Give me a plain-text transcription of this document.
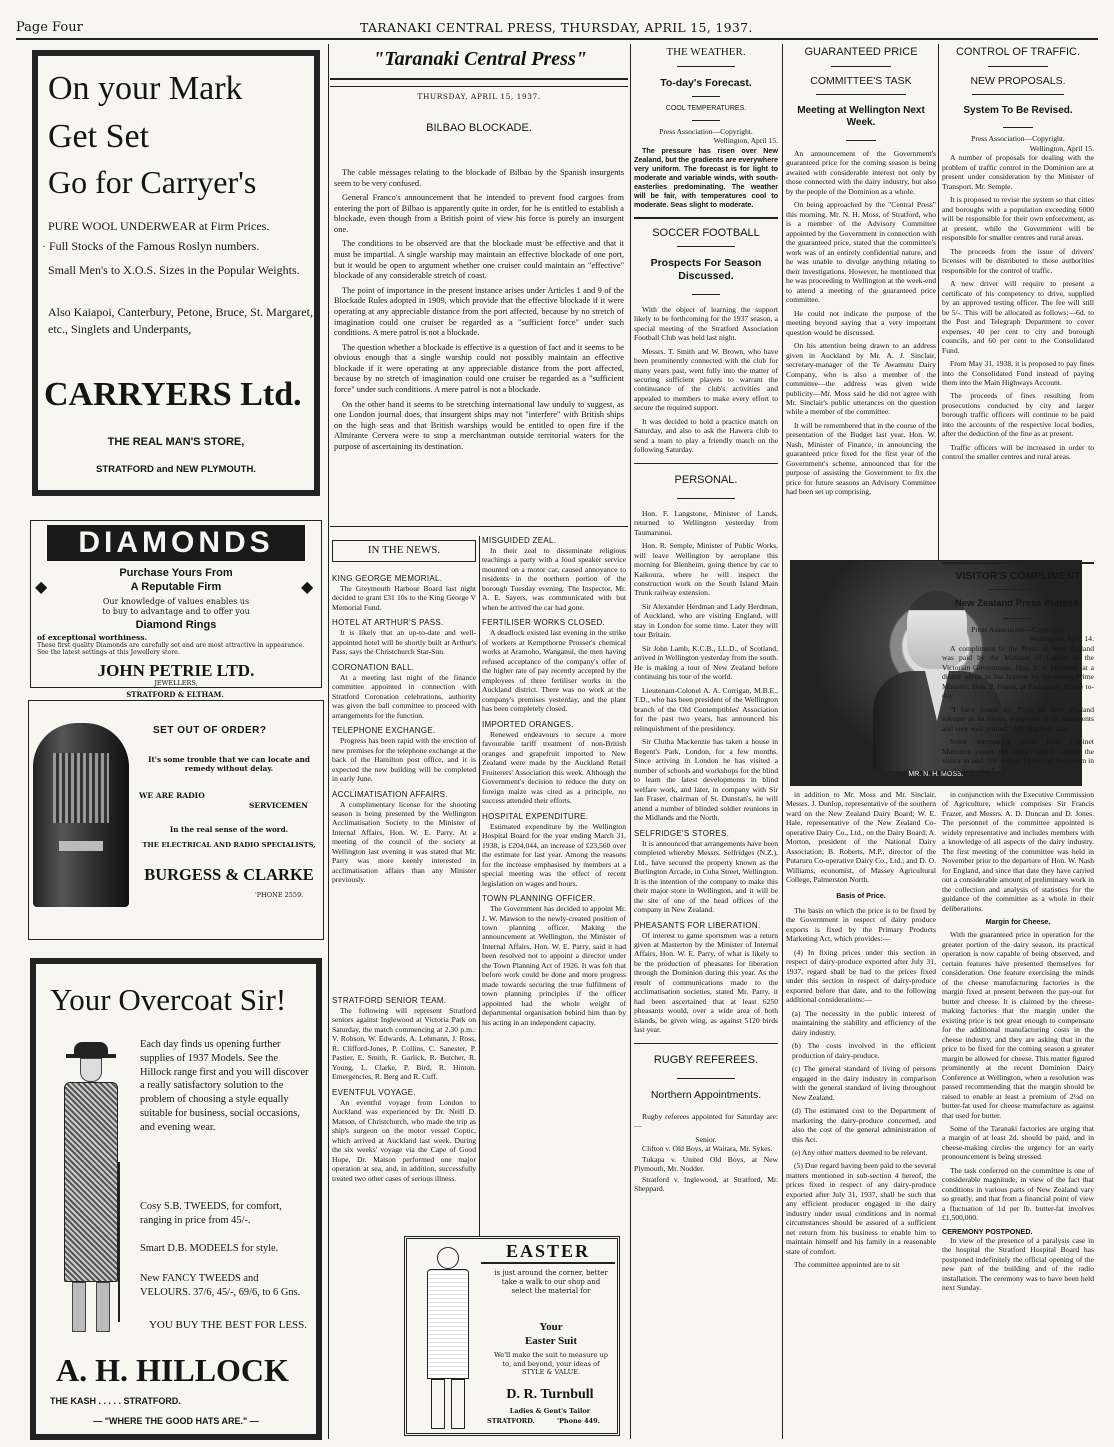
Page Four	TARANAKI CENTRAL PRESS, THURSDAY, APRIL 15, 1937.
On your Mark
Get Set
Go for Carryer's
PURE WOOL UNDERWEAR at Firm Prices.
· Full Stocks of the Famous Roslyn numbers.
Small Men's to X.O.S. Sizes in the Popular Weights.
Also Kaiapoi, Canterbury, Petone, Bruce, St. Margaret, etc., Singlets and Underpants,
CARRYERS Ltd.
THE REAL MAN'S STORE,
STRATFORD and NEW PLYMOUTH.
DIAMONDS
◆	◆
Purchase Yours From
A Reputable Firm
Our knowledge of values enables us
to buy to advantage and to offer you
Diamond Rings
of exceptional worthiness.
These first quality Diamonds are carefully set and are most attractive in appearance. See the latest settings at this Jewellery store.
JOHN PETRIE LTD.
JEWELLERS,
STRATFORD & ELTHAM.
SET OUT OF ORDER?
It's some trouble that we can locate and remedy without delay.
WE ARE RADIO
SERVICEMEN
In the real sense of the word.
THE ELECTRICAL AND RADIO SPECIALISTS,
BURGESS & CLARKE
'PHONE 2559.
Your Overcoat Sir!
Each day finds us opening further supplies of 1937 Models. See the Hillock range first and you will discover a really satisfactory solution to the problem of choosing a style equally suitable for business, social occasions, and evening wear.
Cosy S.B. TWEEDS, for comfort, ranging in price from 45/-.
Smart D.B. MODEELS for style.
New FANCY TWEEDS and VELOURS. 37/6, 45/-, 69/6, to 6 Gns.
YOU BUY THE BEST FOR LESS.
A. H. HILLOCK
THE KASH . . . . . STRATFORD.
— "WHERE THE GOOD HATS ARE." —
"Taranaki Central Press"
THURSDAY, APRIL 15, 1937.
BILBAO BLOCKADE.

The cable messages relating to the blockade of Bilbao by the Spanish insurgents seem to be very confused.

General Franco's announcement that he intended to prevent food cargoes from entering the port of Bilbao is apparently quite in order, for he is entitled to establish a blockade, even though from a British point of view his force is purely an insurgent one.

The conditions to be observed are that the blockade must be effective and that it must be impartial. A single warship may maintain an effective blockade of one port, but it would be open to argument whether one cruiser could maintain an "effective" blockade of any considerable stretch of coast.

The point of importance in the present instance arises under Articles 1 and 9 of the Blockade Rules adopted in 1909, which provide that the effective blockade if it were operating at any appreciable distance from the port affected, because by no stretch of imagination could one cruiser be regarded as a "sufficient force" under such conditions. A mere patrol is not a blockade.

The question whether a blockade is effective is a question of fact and it seems to be obvious enough that a single warship could not possibly maintain an effective blockade if it were operating at any appreciable distance from the port affected, because by no stretch of imagination could one cruiser be regarded as a "sufficient force" under such conditions. A mere patrol is not a blockade.

On the other hand it seems to be stretching international law unduly to suggest, as one London journal does, that insurgent ships may not "interfere" with British ships on the high seas and that British warships would be entitled to open fire if the Almirante Cervera were to stop a merchantman outside territorial waters for the purpose of ascertaining its destination.

IN THE NEWS.
KING GEORGE MEMORIAL.

The Greymouth Harbour Board last night decided to grant £31 10s to the King George V Memorial Fund.

HOTEL AT ARTHUR'S PASS.

It is likely that an up-to-date and well-appointed hotel will be shortly built at Arthur's Pass, says the Christchurch Star-Sun.

CORONATION BALL.

At a meeting last night of the finance committee appointed in connection with Stratford Coronation celebrations, authority was given the ball committee to proceed with arrangements for the function.

TELEPHONE EXCHANGE.

Progress has been rapid with the erection of new premises for the telephone exchange at the back of the Hamilton post office, and it is expected the new building will be completed in early June.

ACCLIMATISATION AFFAIRS.

A complimentary license for the shooting season is being presented by the Wellington Acclimatisation Society to the Minister of Internal Affairs, Hon. W. E. Parry. At a meeting of the council of the society at Wellington last evening it was stated that Mr. Parry was more keenly interested in acclimatisation affairs than any Minister previously.

STRATFORD SENIOR TEAM.

The following will represent Stratford seniors against Inglewood at Victoria Park on Saturday, the match commencing at 2.30 p.m.: V. Robson, W. Edwards, A. Lehmann, J. Ross, R. Clifford-Jones, P. Collins, C. Sanester, P. Pastier, E. Smith, R. Garlick, R. Butcher, R. Young, L. Clarke, P. Bird, R. Hinton. Emergencies, R. Berg and R. Cuff.

EVENTFUL VOYAGE.

An eventful voyage from London to Auckland was experienced by Dr. Neill D. Matson, of Christchurch, who made the trip as ship's surgeon on the motor vessel Coptic, which arrived at Auckland last week. During the six weeks' voyage via the Cape of Good Hope, Dr. Matson performed one major operation at sea, and, in addition, successfully treated two other cases of serious illness.

MISGUIDED ZEAL.

In their zeal to disseminate religious teachings a party with a loud speaker service mounted on a motor car, caused annoyance to residents in the northern portion of the borough Tuesday evening. The Inspector, Mr. A. E. Sayers, was communicated with but when he arrived the car had gone.

FERTILISER WORKS CLOSED.

A deadlock existed last evening in the strike of workers at Kempthorne Prosser's chemical works at Aramoho, Wanganui, the men having refused acceptance of the company's offer of the higher rate of pay recently accepted by the employees of three fertiliser works in the Auckland district. There was no work at the company's premises yesterday, and the plant has been completely closed.

IMPORTED ORANGES.

Renewed endeavours to secure a more favourable tariff treatment of non-British oranges and grapefruit imported to New Zealand were made by the Auckland Retail Fruiterers' Association this week. Although the Government's decision to reduce the duty on foreign maize was cited as a principle, no success attended their efforts.

HOSPITAL EXPENDITURE.

Estimated expenditure by the Wellington Hospital Board for the year ending March 31, 1938, is £204,044, an increase of £23,560 over the estimate for last year. Among the reasons for the increase emphasised by members at a special meeting was the effect of recent legislation on wages and hours.

TOWN PLANNING OFFICER.

The Government has decided to appoint Mr. J. W. Mawson to the newly-created position of town planning officer. Making the announcement at Wellington, the Minister of Internal Affairs, Hon. W. E. Parry, said it had been resolved not to appoint a director under the Town Planning Act of 1926. It was felt that before work could be done and more progress made towards securing the true fulfilment of town planning principles if the officer appointed had the whole weight of departmental organisation behind him than by his acting in an independent capacity.

EASTER
is just around the corner, better take a walk to our shop and select the material for
Your
Easter Suit
We'll make the suit to measure up to, and beyond, your ideas of STYLE & VALUE.
D. R. Turnbull
Ladies & Gent's Tailor
STRATFORD.	'Phone 449.
THE WEATHER.
To-day's Forecast.
COOL TEMPERATURES.
Press Association—Copyright.
Wellington, April 15.

The pressure has risen over New Zealand, but the gradients are everywhere very uniform. The forecast is for light to moderate and variable winds, with south-easterlies predominating. The weather will be fair, with temperatures cool to moderate. Seas slight to moderate.

SOCCER FOOTBALL
Prospects For Season Discussed.

With the object of learning the support likely to be forthcoming for the 1937 season, a special meeting of the Stratford Association Football Club was held last night.

Messrs. T. Smith and W. Brown, who have been prominently connected with the club for many years past, went fully into the matter of securing sufficient players to warrant the continuance of the club's activities and appealed to members to make every effort to secure the required support.

It was decided to hold a practice match on Saturday, and also to ask the Hawera club to send a team to play a friendly match on the following Saturday.

PERSONAL.

Hon. F. Langstone, Minister of Lands, returned to Wellington yesterday from Taumarunui.

Hon. R. Semple, Minister of Public Works, will leave Wellington by aeroplane this morning for Blenheim, going thence by car to Kaikoura, where he will inspect the construction work on the South Island Main Trunk railway extension.

Sir Alexander Herdman and Lady Herdman, of Auckland, who are visiting England, will stay in London for some time. Later they will tour Britain.

Sir John Lamb, K.C.B., LL.D., of Scotland, arrived in Wellington yesterday from the south. He is making a tour of New Zealand before continuing his tour of the world.

Lieutenant-Colonel A. A. Corrigan, M.B.E., T.D., who has been president of the Wellington branch of the Old Contemptibles' Association for the past two years, has announced his relinquishment of the presidency.

Sir Clutha Mackenzie has taken a house in Regent's Park, London, for a few months. Since arriving in London he has visited a number of schools and workshops for the blind to learn the latest developments in blind welfare work, and later, in company with Sir Ian Fraser, chairman of St. Dunstan's, he will attend a number of blinded soldier reunions in the Midlands and the North.

SELFRIDGE'S STORES.

It is announced that arrangements have been completed whereby Messrs. Selfridges (N.Z.), Ltd., have secured the property known as the Burlington Arcade, in Cuba Street, Wellington. It is the intention of the company to make this their major store in Wellington, and it will be the site of one of the head offices of the company in New Zealand.

PHEASANTS FOR LIBERATION.

Of interest to game sportsmen was a return given at Masterton by the Minister of Internal Affairs, Hon. W. E. Parry, of what is likely to be the production of pheasants for liberation through the Dominion during this year. As the result of communications made to the acclimatisation societies, stated Mr. Parry, it had been ascertained that at least 6250 pheasants would, over a wide area of both islands, be given wing, as against 5120 birds last year.

RUGBY REFEREES.
Northern Appointments.

Rugby referees appointed for Saturday are:—

Senior.

Clifton v. Old Boys, at Waitara, Mr. Sykes.

Tukapa v. United Old Boys, at New Plymouth, Mr. Nodder.

Stratford v. Inglewood, at Stratford, Mr. Sheppard.

GUARANTEED PRICE
COMMITTEE'S TASK
Meeting at Wellington Next Week.

An announcement of the Government's guaranteed price for the coming season is being awaited with considerable interest not only by those connected with the dairy industry, but also by the people of the Dominion as a whole.

On being approached by the "Central Press" this morning, Mr. N. H. Moss, of Stratford, who is a member of the Advisory Committee appointed by the Government in connection with the guaranteed price, stated that the committee's work was of an entirely confidential nature, and he was unable to divulge anything relating to their investigations. However, he mentioned that he was proceeding to Wellington at the week-end to attend a meeting of the guaranteed price committee.

He could not indicate the purpose of the meeting beyond saying that a very important question would be discussed.

On his attention being drawn to an address given in Auckland by Mr. A. J. Sinclair, secretary-manager of the Te Awamutu Dairy Company, who is also a member of the committee—the address was given wide publicity—Mr. Moss said he did not agree with Mr. Sinclair's public utterances on the question while a member of the committee.

It will be remembered that in the course of the presentation of the Budget last year, Hon. W. Nash, Minister of Finance, in announcing the guaranteed price fixed for the first year of the Government's scheme, announced that for the purpose of assisting the Government to fix the price for future seasons an Advisory Committee had been set up comprising,

MR. N. H. MOSS.

in addition to Mr. Moss and Mr. Sinclair, Messrs. J. Dunlop, representative of the southern ward on the New Zealand Dairy Board; W. E. Hale, representative of the New Zealand Co-operative Dairy Co., Ltd., on the Dairy Board; A. Morton, president of the National Dairy Association; B. Roberts, M.P., director of the Putaruru Co-operative Dairy Co., Ltd.; and D. O. Williams, economist, of Massey Agricultural College, Palmerston North.

Basis of Price.

The basis on which the price is to be fixed by the Government in respect of dairy produce exports is fixed by the Primary Products Marketing Act, which provides:—

(4) In fixing prices under this section in respect of dairy-produce exported after July 31, 1937, regard shall be had to the prices fixed under this section in respect of dairy-produce exported before that date, and to the following additional considerations:—

(a) The necessity in the public interest of maintaining the stability and efficiency of the dairy industry.

(b) The costs involved in the efficient production of dairy-produce.

(c) The general standard of living of persons engaged in the dairy industry in comparison with the general standard of living throughout New Zealand.

(d) The estimated cost to the Department of marketing the dairy-produce concerned, and also the cost of the general administration of this Act.

(e) Any other matters deemed to be relevant.

(5) Due regard having been paid to the several matters mentioned in sub-section 4 hereof, the prices fixed in respect of any dairy-produce exported after July 31, 1937, shall be such that any efficient producer engaged in the dairy industry under usual conditions and in normal circumstances should be assured of a sufficient net return from his business to enable him to maintain himself and his family in a reasonable state of comfort.

The committee appointed are to sit

CONTROL OF TRAFFIC.
NEW PROPOSALS.
System To Be Revised.
Press Association—Copyright.
Wellington, April 15.

A number of proposals for dealing with the problem of traffic control in the Dominion are at present under consideration by the Minister of Transport, Mr. Semple.

It is proposed to revise the system so that cities and boroughs with a population exceeding 6000 will be responsible for their own enforcement, as at present, while the Government will be responsible for smaller centres and rural areas.

The proceeds from the issue of drivers' licenses will be distributed to those authorities responsible for the control of traffic.

A new driver will require to present a certificate of his competency to drive, supplied by an approved testing officer. The fee will still be 5/-. This will be allocated as follows:—6d. to the Post and Telegraph Department to cover expenses, 40 per cent to city and borough councils, and 60 per cent to the Consolidated Fund.

From May 31, 1938, it is proposed to pay fines into the Consolidated Fund instead of paying them into the Main Highways Account.

The proceeds of fines resulting from prosecutions conducted by city and larger borough traffic officers will continue to be paid into the accounts of the respective local bodies, after the deduction of the fine as at present.

Traffic officers will be increased in order to control the smaller centres and rural areas.

VISITOR'S COMPLIMENT
New Zealand Press Praised.
Press Association—Copyright.
Wellington, April 14.

A compliment to the Press of New Zealand was paid by the Minister of Labour in the Victorian Government, Hon. E. J. Mackrell, at a dinner given in his honour by the acting-Prime Minister, Hon. P. Fraser, at Parliament House to-day.

"I have found the Press of New Zealand tolerant in its views, temperate in its statements and very well printed," Mr. Mackrell said.

Some murmuring came from Cabinet Ministers round the table, which caused the visitor to add: "Of course, I have not seen them in an election year."

in conjunction with the Executive Commission of Agriculture, which comprises Sir Francis Frazer, and Messrs. A. D. Duncan and D. Jones. The personnel of the committee appointed is widely representative and includes members with a knowledge of all aspects of the dairy industry. The first meeting of the committee was held in November prior to the departure of Hon. W. Nash for England, and since that date they have carried out a considerable amount of preliminary work in the collection and analysis of statistics for the guidance of the committee as a whole in their deliberations.

Margin for Cheese.

With the guaranteed price in operation for the greater portion of the dairy season, its practical operation is now capable of being observed, and certain features have presented themselves for consideration. One feature exercising the minds of the cheese manufacturing factories is the margin fixed at present between the pay-out for butter and cheese. It is claimed by the cheese-making factories that the margin under the existing price is not great enough to compensate for the additional manufacturing costs in the cheese industry, and they are asking that in the price to be fixed for the coming season a greater margin be allowed for cheese. This matter figured prominently at the recent Dominion Dairy Conference at Wellington, when a resolution was passed recommending that the margin should be raised to enable at least a premium of 2¼d on butter-fat used for cheese manufacture as against that used for butter.

Some of the Taranaki factories are urging that a margin of at least 2d. should be paid, and in cheese-making circles the urgency for an early pronouncement is being stressed.

The task conferred on the committee is one of considerable magnitude, in view of the fact that conditions in various parts of New Zealand vary so greatly, and that from a financial point of view a fluctuation of 1d per lb. butter-fat involves £1,500,000.

CEREMONY POSTPONED.

In view of the presence of a paralysis case in the hospital the Stratford Hospital Board has postponed indefinitely the official opening of the new part of the building and of the radio installation. The ceremony was to have been held next Sunday.
